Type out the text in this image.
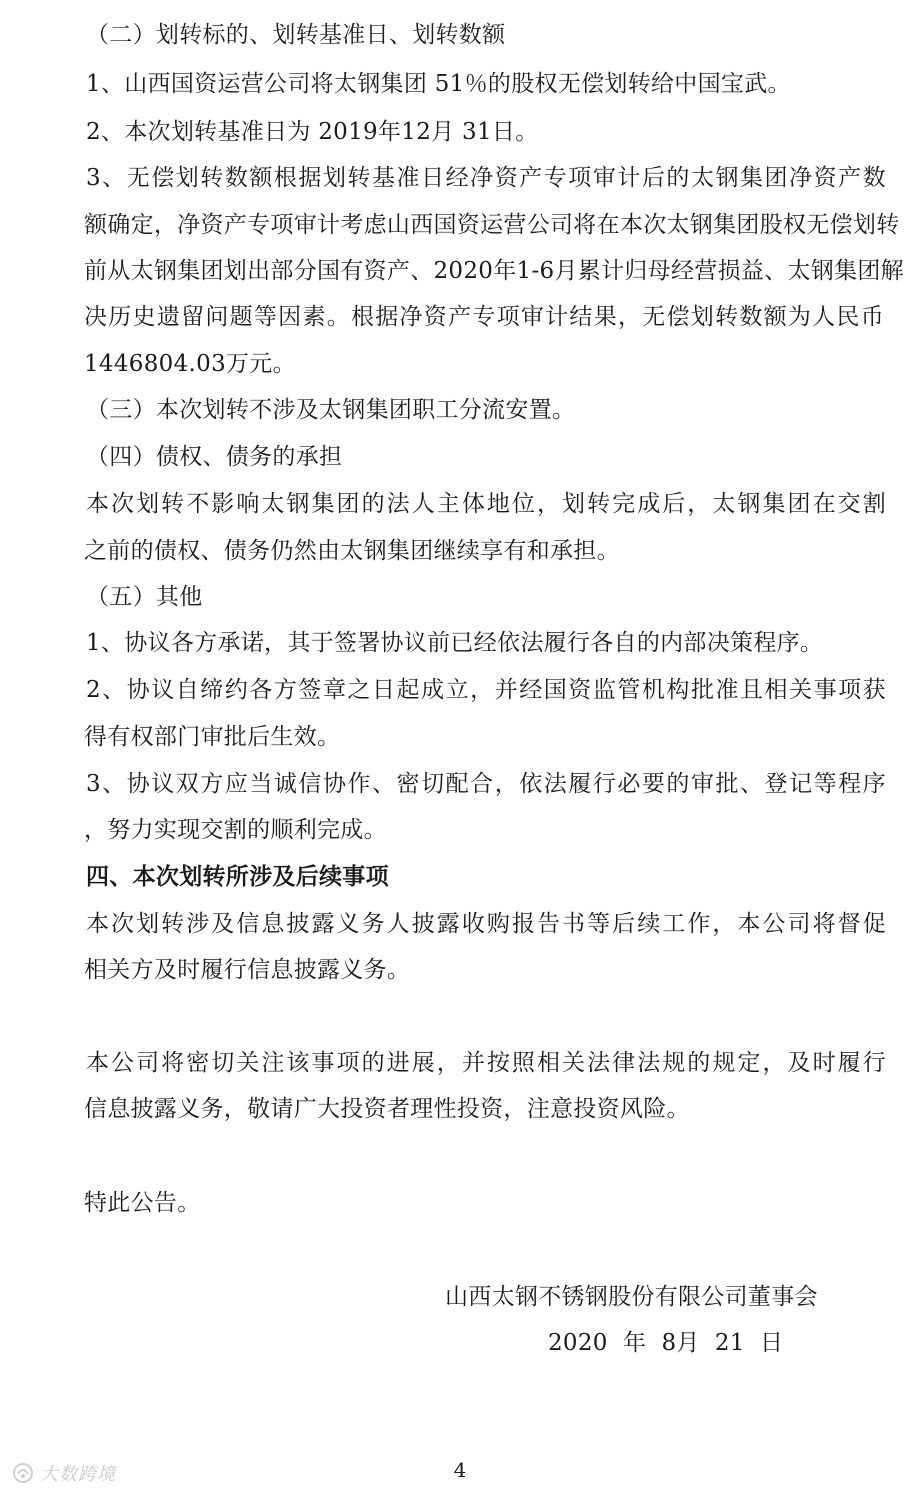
（二）划转标的、划转基准日、划转数额
1、山西国资运营公司将太钢集团 51％的股权无偿划转给中国宝武。
2、本次划转基准日为 2019年12月 31日。
3、无偿划转数额根据划转基准日经净资产专项审计后的太钢集团净资产数
额确定，净资产专项审计考虑山西国资运营公司将在本次太钢集团股权无偿划转
前从太钢集团划出部分国有资产、2020年1-6月累计归母经营损益、太钢集团解
决历史遗留问题等因素。根据净资产专项审计结果，无偿划转数额为人民币
1446804.03万元。
（三）本次划转不涉及太钢集团职工分流安置。
（四）债权、债务的承担
本次划转不影响太钢集团的法人主体地位，划转完成后，太钢集团在交割
之前的债权、债务仍然由太钢集团继续享有和承担。
（五）其他
1、协议各方承诺，其于签署协议前已经依法履行各自的内部决策程序。
2、协议自缔约各方签章之日起成立，并经国资监管机构批准且相关事项获
得有权部门审批后生效。
3、协议双方应当诚信协作、密切配合，依法履行必要的审批、登记等程序
，努力实现交割的顺利完成。
四、本次划转所涉及后续事项
本次划转涉及信息披露义务人披露收购报告书等后续工作，本公司将督促
相关方及时履行信息披露义务。
本公司将密切关注该事项的进展，并按照相关法律法规的规定，及时履行
信息披露义务，敬请广大投资者理性投资，注意投资风险。
特此公告。
山西太钢不锈钢股份有限公司董事会
2020  年  8月  21  日
4
大数跨境
